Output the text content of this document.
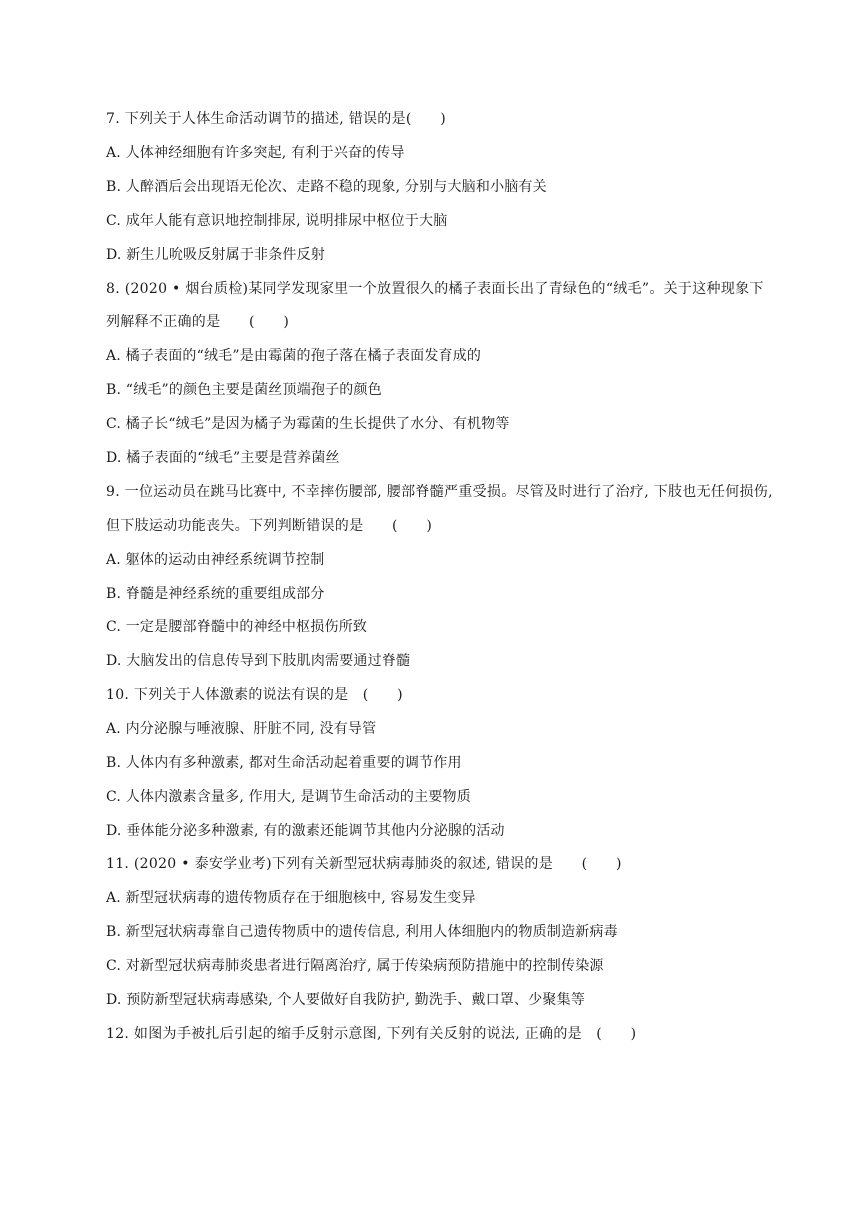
7. 下列关于人体生命活动调节的描述, 错误的是(　　)
A. 人体神经细胞有许多突起, 有利于兴奋的传导
B. 人醉酒后会出现语无伦次、走路不稳的现象, 分别与大脑和小脑有关
C. 成年人能有意识地控制排尿, 说明排尿中枢位于大脑
D. 新生儿吮吸反射属于非条件反射
8. (2020 • 烟台质检)某同学发现家里一个放置很久的橘子表面长出了青绿色的“绒毛”。关于这种现象下
列解释不正确的是　　(　　)
A. 橘子表面的“绒毛”是由霉菌的孢子落在橘子表面发育成的
B. “绒毛”的颜色主要是菌丝顶端孢子的颜色
C. 橘子长“绒毛”是因为橘子为霉菌的生长提供了水分、有机物等
D. 橘子表面的“绒毛”主要是营养菌丝
9. 一位运动员在跳马比赛中, 不幸摔伤腰部, 腰部脊髓严重受损。尽管及时进行了治疗, 下肢也无任何损伤,
但下肢运动功能丧失。下列判断错误的是　　(　　)
A. 躯体的运动由神经系统调节控制
B. 脊髓是神经系统的重要组成部分
C. 一定是腰部脊髓中的神经中枢损伤所致
D. 大脑发出的信息传导到下肢肌肉需要通过脊髓
10. 下列关于人体激素的说法有误的是　(　　)
A. 内分泌腺与唾液腺、肝脏不同, 没有导管
B. 人体内有多种激素, 都对生命活动起着重要的调节作用
C. 人体内激素含量多, 作用大, 是调节生命活动的主要物质
D. 垂体能分泌多种激素, 有的激素还能调节其他内分泌腺的活动
11. (2020 • 泰安学业考)下列有关新型冠状病毒肺炎的叙述, 错误的是　　(　　)
A. 新型冠状病毒的遗传物质存在于细胞核中, 容易发生变异
B. 新型冠状病毒靠自己遗传物质中的遗传信息, 利用人体细胞内的物质制造新病毒
C. 对新型冠状病毒肺炎患者进行隔离治疗, 属于传染病预防措施中的控制传染源
D. 预防新型冠状病毒感染, 个人要做好自我防护, 勤洗手、戴口罩、少聚集等
12. 如图为手被扎后引起的缩手反射示意图, 下列有关反射的说法, 正确的是　(　　)
